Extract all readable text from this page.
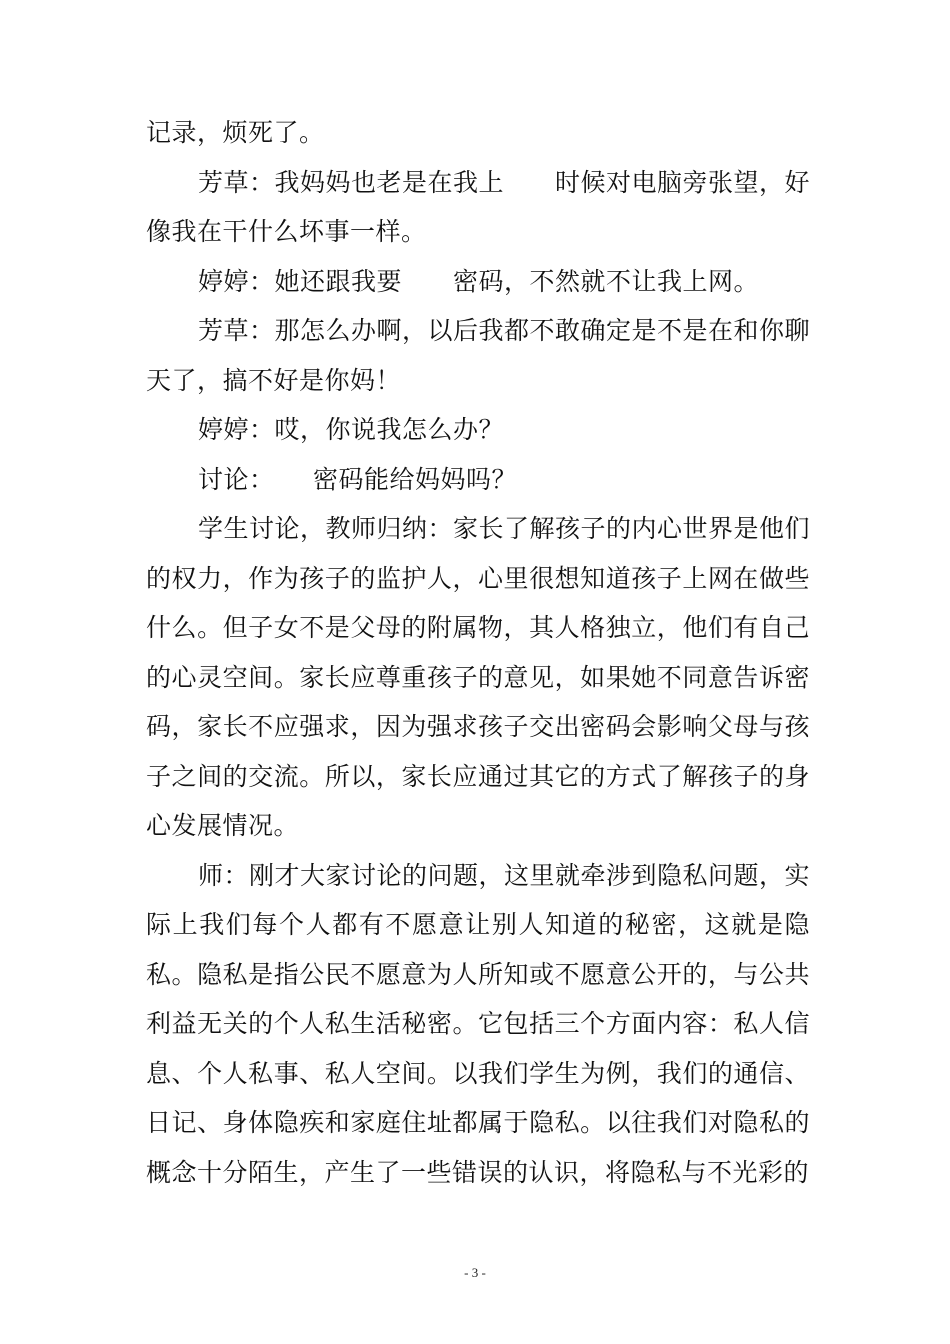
记录，烦死了。

芳草：我妈妈也老是在我上　　时候对电脑旁张望，好像我在干什么坏事一样。

婷婷：她还跟我要　　密码，不然就不让我上网。

芳草：那怎么办啊，以后我都不敢确定是不是在和你聊天了，搞不好是你妈！

婷婷：哎，你说我怎么办？

讨论：　　密码能给妈妈吗？

学生讨论，教师归纳：家长了解孩子的内心世界是他们的权力，作为孩子的监护人，心里很想知道孩子上网在做些什么。但子女不是父母的附属物，其人格独立，他们有自己的心灵空间。家长应尊重孩子的意见，如果她不同意告诉密码，家长不应强求，因为强求孩子交出密码会影响父母与孩子之间的交流。所以，家长应通过其它的方式了解孩子的身心发展情况。

师：刚才大家讨论的问题，这里就牵涉到隐私问题，实际上我们每个人都有不愿意让别人知道的秘密，这就是隐私。隐私是指公民不愿意为人所知或不愿意公开的，与公共利益无关的个人私生活秘密。它包括三个方面内容：私人信息、个人私事、私人空间。以我们学生为例，我们的通信、日记、身体隐疾和家庭住址都属于隐私。以往我们对隐私的概念十分陌生，产生了一些错误的认识，将隐私与不光彩的

- 3 -
